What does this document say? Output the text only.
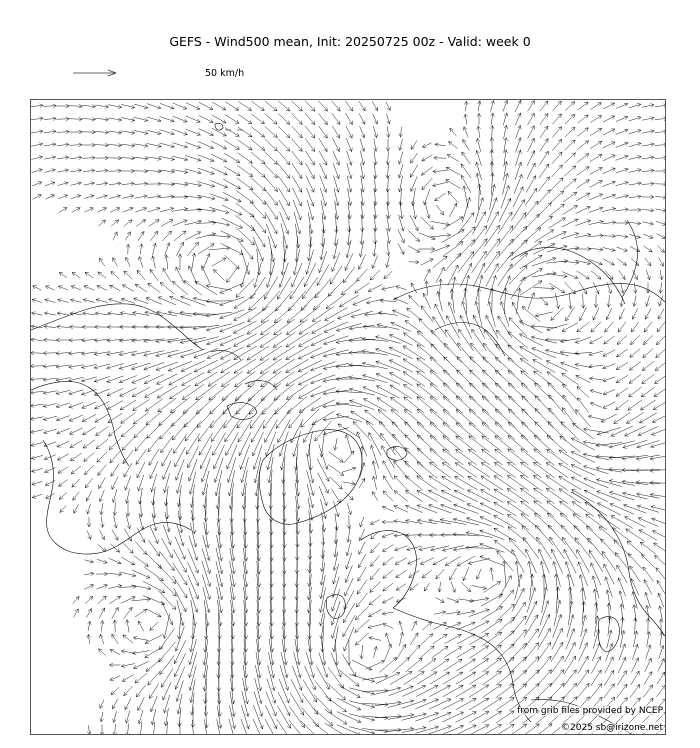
GEFS - Wind500 mean, Init: 20250725 00z - Valid: week 0
50 km/h
from grib files provided by NCEP
©2025 sb@irizone.net
